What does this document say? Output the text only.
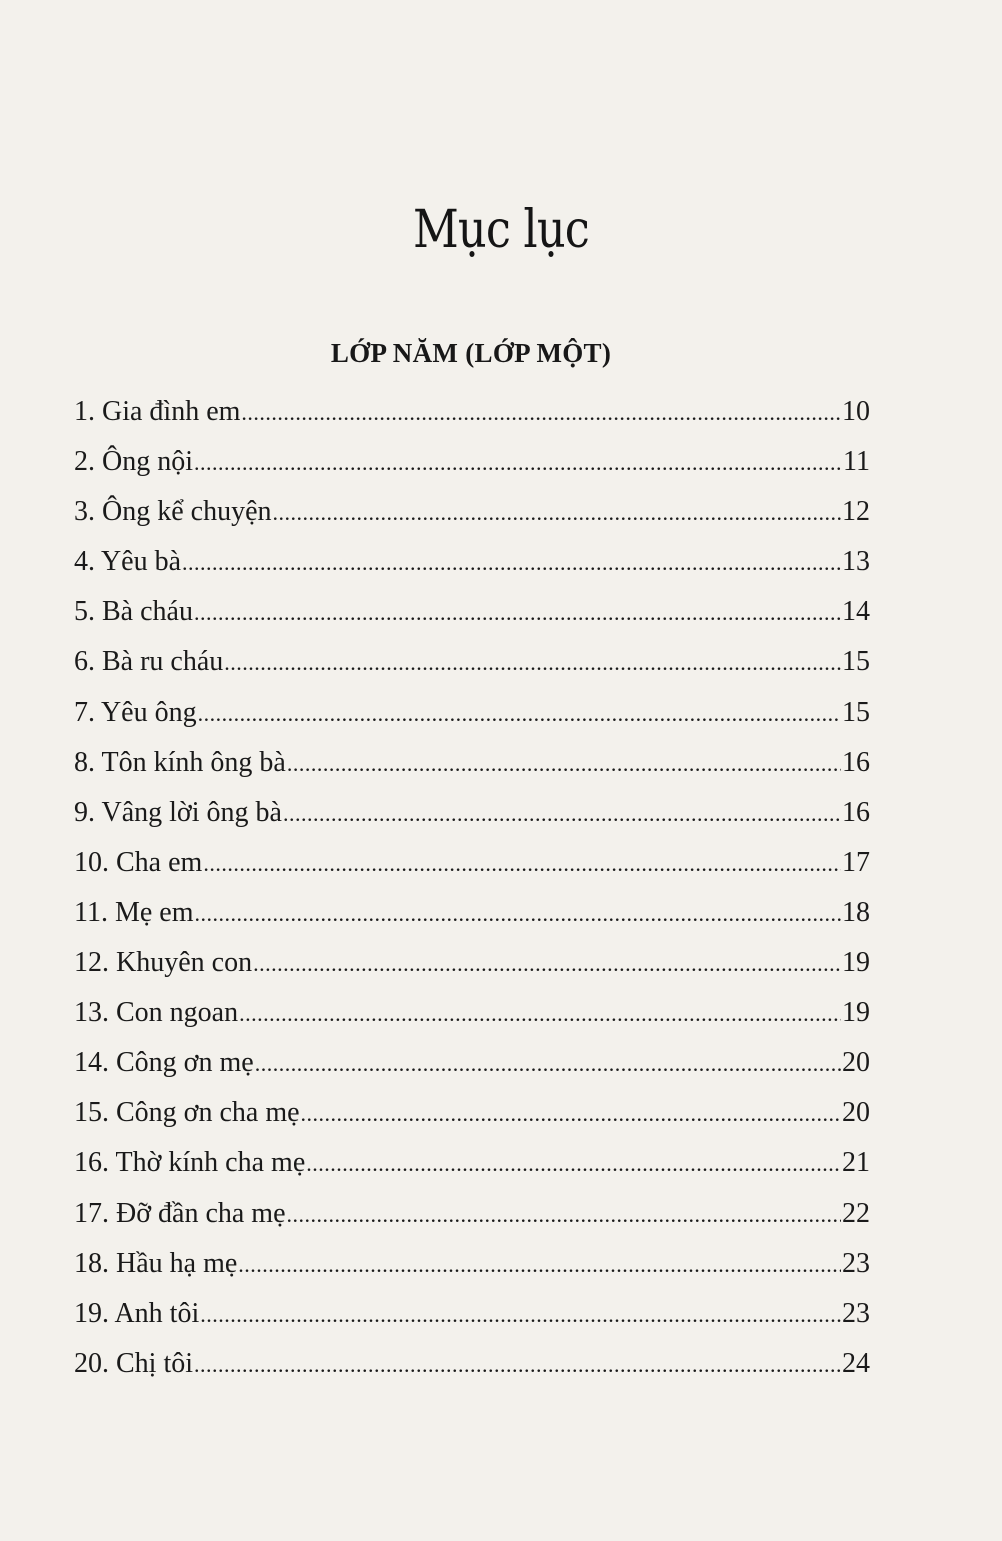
Mục lục
LỚP NĂM (LỚP MỘT)
1. Gia đình em .....	10
2. Ông nội .....	11
3. Ông kể chuyện .....	12
4. Yêu bà .....	13
5. Bà cháu .....	14
6. Bà ru cháu .....	15
7. Yêu ông .....	15
8. Tôn kính ông bà .....	16
9. Vâng lời ông bà .....	16
10. Cha em .....	17
11. Mẹ em .....	18
12. Khuyên con .....	19
13. Con ngoan .....	19
14. Công ơn mẹ .....	20
15. Công ơn cha mẹ .....	20
16. Thờ kính cha mẹ .....	21
17. Đỡ đần cha mẹ .....	22
18. Hầu hạ mẹ .....	23
19. Anh tôi .....	23
20. Chị tôi .....	24
